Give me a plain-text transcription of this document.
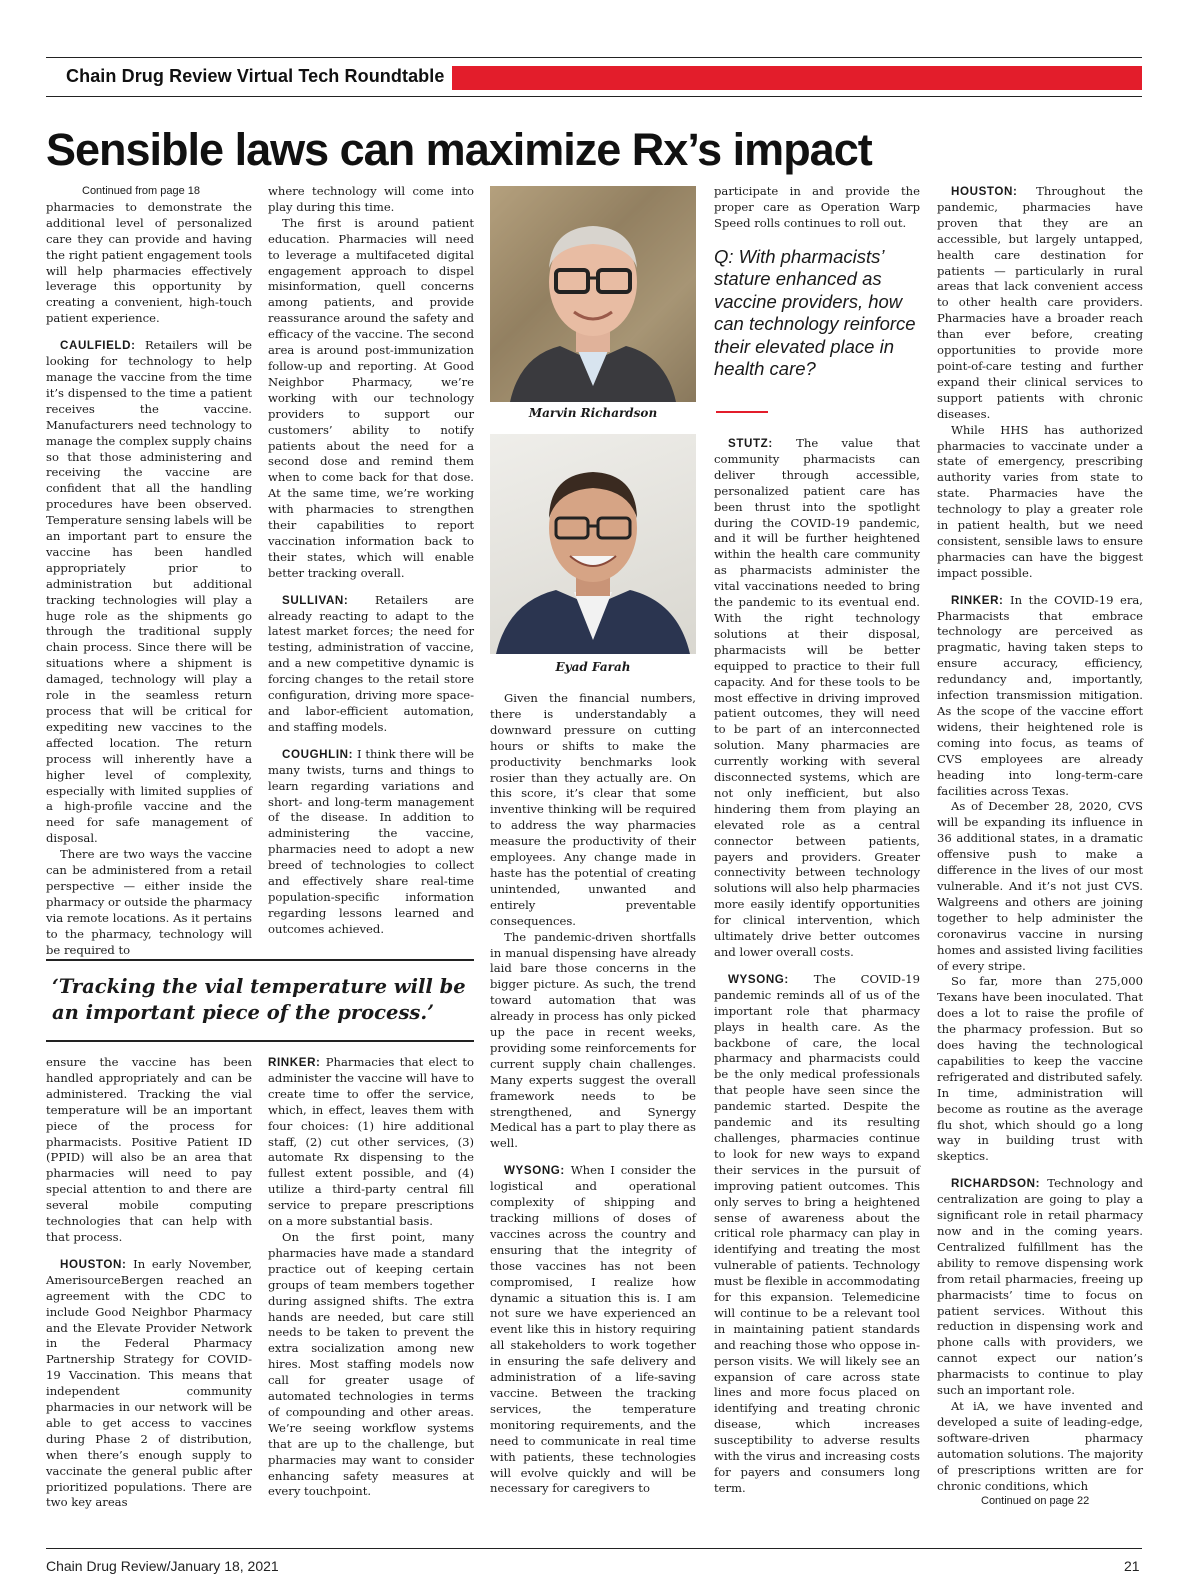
Chain Drug Review Virtual Tech Roundtable
Sensible laws can maximize Rx’s impact

Continued from page 18

pharmacies to demonstrate the additional level of personalized care they can provide and having the right patient engagement tools will help pharmacies effectively leverage this opportunity by creating a convenient, high-touch patient experience.

CAULFIELD: Retailers will be looking for technology to help manage the vaccine from the time it’s dispensed to the time a patient receives the vaccine. Manufacturers need technology to manage the complex supply chains so that those administering and receiving the vaccine are confident that all the handling procedures have been observed. Temperature sensing labels will be an important part to ensure the vaccine has been handled appropriately prior to administration but additional tracking technologies will play a huge role as the shipments go through the traditional supply chain process. Since there will be situations where a shipment is damaged, technology will play a role in the seamless return process that will be critical for expediting new vaccines to the affected location. The return process will inherently have a higher level of complexity, especially with limited supplies of a high-profile vaccine and the need for safe management of disposal.

There are two ways the vaccine can be administered from a retail perspective — either inside the pharmacy or outside the pharmacy via remote locations. As it pertains to the pharmacy, technology will be required to

where technology will come into play during this time.

The first is around patient education. Pharmacies will need to leverage a multifaceted digital engagement approach to dispel misinformation, quell concerns among patients, and provide reassurance around the safety and efficacy of the vaccine. The second area is around post-immunization follow-up and reporting. At Good Neighbor Pharmacy, we’re working with our technology providers to support our customers’ ability to notify patients about the need for a second dose and remind them when to come back for that dose. At the same time, we’re working with pharmacies to strengthen their capabilities to report vaccination information back to their states, which will enable better tracking overall.

SULLIVAN: Retailers are already reacting to adapt to the latest market forces; the need for testing, administration of vaccine, and a new competitive dynamic is forcing changes to the retail store configuration, driving more space- and labor-efficient automation, and staffing models.

COUGHLIN: I think there will be many twists, turns and things to learn regarding variations and short- and long-term management of the disease. In addition to administering the vaccine, pharmacies need to adopt a new breed of technologies to collect and effectively share real-time population-specific information regarding lessons learned and outcomes achieved.

‘Tracking the vial temperature will be an important piece of the process.’

ensure the vaccine has been handled appropriately and can be administered. Tracking the vial temperature will be an important piece of the process for pharmacists. Positive Patient ID (PPID) will also be an area that pharmacies will need to pay special attention to and there are several mobile computing technologies that can help with that process.

HOUSTON: In early November, AmerisourceBergen reached an agreement with the CDC to include Good Neighbor Pharmacy and the Elevate Provider Network in the Federal Pharmacy Partnership Strategy for COVID-19 Vaccination. This means that independent community pharmacies in our network will be able to get access to vaccines during Phase 2 of distribution, when there’s enough supply to vaccinate the general public after prioritized populations. There are two key areas

RINKER: Pharmacies that elect to administer the vaccine will have to create time to offer the service, which, in effect, leaves them with four choices: (1) hire additional staff, (2) cut other services, (3) automate Rx dispensing to the fullest extent possible, and (4) utilize a third-party central fill service to prepare prescriptions on a more substantial basis.

On the first point, many pharmacies have made a standard practice out of keeping certain groups of team members together during assigned shifts. The extra hands are needed, but care still needs to be taken to prevent the extra socialization among new hires. Most staffing models now call for greater usage of automated technologies in terms of compounding and other areas. We’re seeing workflow systems that are up to the challenge, but pharmacies may want to consider enhancing safety measures at every touchpoint.

Marvin Richardson
Eyad Farah

Given the financial numbers, there is understandably a downward pressure on cutting hours or shifts to make the productivity benchmarks look rosier than they actually are. On this score, it’s clear that some inventive thinking will be required to address the way pharmacies measure the productivity of their employees. Any change made in haste has the potential of creating unintended, unwanted and entirely preventable consequences.

The pandemic-driven shortfalls in manual dispensing have already laid bare those concerns in the bigger picture. As such, the trend toward automation that was already in process has only picked up the pace in recent weeks, providing some reinforcements for current supply chain challenges. Many experts suggest the overall framework needs to be strengthened, and Synergy Medical has a part to play there as well.

WYSONG: When I consider the logistical and operational complexity of shipping and tracking millions of doses of vaccines across the country and ensuring that the integrity of those vaccines has not been compromised, I realize how dynamic a situation this is. I am not sure we have experienced an event like this in history requiring all stakeholders to work together in ensuring the safe delivery and administration of a life-saving vaccine. Between the tracking services, the temperature monitoring requirements, and the need to communicate in real time with patients, these technologies will evolve quickly and will be necessary for caregivers to

participate in and provide the proper care as Operation Warp Speed rolls continues to roll out.

Q: With pharmacists’ stature enhanced as vaccine providers, how can technology reinforce their elevated place in health care?

STUTZ: The value that community pharmacists can deliver through accessible, personalized patient care has been thrust into the spotlight during the COVID-19 pandemic, and it will be further heightened within the health care community as pharmacists administer the vital vaccinations needed to bring the pandemic to its eventual end. With the right technology solutions at their disposal, pharmacists will be better equipped to practice to their full capacity. And for these tools to be most effective in driving improved patient outcomes, they will need to be part of an interconnected solution. Many pharmacies are currently working with several disconnected systems, which are not only inefficient, but also hindering them from playing an elevated role as a central connector between patients, payers and providers. Greater connectivity between technology solutions will also help pharmacies more easily identify opportunities for clinical intervention, which ultimately drive better outcomes and lower overall costs.

WYSONG: The COVID-19 pandemic reminds all of us of the important role that pharmacy plays in health care. As the backbone of care, the local pharmacy and pharmacists could be the only medical professionals that people have seen since the pandemic started. Despite the pandemic and its resulting challenges, pharmacies continue to look for new ways to expand their services in the pursuit of improving patient outcomes. This only serves to bring a heightened sense of awareness about the critical role pharmacy can play in identifying and treating the most vulnerable of patients. Technology must be flexible in accommodating for this expansion. Telemedicine will continue to be a relevant tool in maintaining patient standards and reaching those who oppose in-person visits. We will likely see an expansion of care across state lines and more focus placed on identifying and treating chronic disease, which increases susceptibility to adverse results with the virus and increasing costs for payers and consumers long term.

HOUSTON: Throughout the pandemic, pharmacies have proven that they are an accessible, but largely untapped, health care destination for patients — particularly in rural areas that lack convenient access to other health care providers. Pharmacies have a broader reach than ever before, creating opportunities to provide more point-of-care testing and further expand their clinical services to support patients with chronic diseases.

While HHS has authorized pharmacies to vaccinate under a state of emergency, prescribing authority varies from state to state. Pharmacies have the technology to play a greater role in patient health, but we need consistent, sensible laws to ensure pharmacies can have the biggest impact possible.

RINKER: In the COVID-19 era, Pharmacists that embrace technology are perceived as pragmatic, having taken steps to ensure accuracy, efficiency, redundancy and, importantly, infection transmission mitigation. As the scope of the vaccine effort widens, their heightened role is coming into focus, as teams of CVS employees are already heading into long-term-care facilities across Texas.

As of December 28, 2020, CVS will be expanding its influence in 36 additional states, in a dramatic offensive push to make a difference in the lives of our most vulnerable. And it’s not just CVS. Walgreens and others are joining together to help administer the coronavirus vaccine in nursing homes and assisted living facilities of every stripe.

So far, more than 275,000 Texans have been inoculated. That does a lot to raise the profile of the pharmacy profession. But so does having the technological capabilities to keep the vaccine refrigerated and distributed safely. In time, administration will become as routine as the average flu shot, which should go a long way in building trust with skeptics.

RICHARDSON: Technology and centralization are going to play a significant role in retail pharmacy now and in the coming years. Centralized fulfillment has the ability to remove dispensing work from retail pharmacies, freeing up pharmacists’ time to focus on patient services. Without this reduction in dispensing work and phone calls with providers, we cannot expect our nation’s pharmacists to continue to play such an important role.

At iA, we have invented and developed a suite of leading-edge, software-driven pharmacy automation solutions. The majority of prescriptions written are for chronic conditions, which

Continued on page 22

Chain Drug Review/January 18, 2021	21
